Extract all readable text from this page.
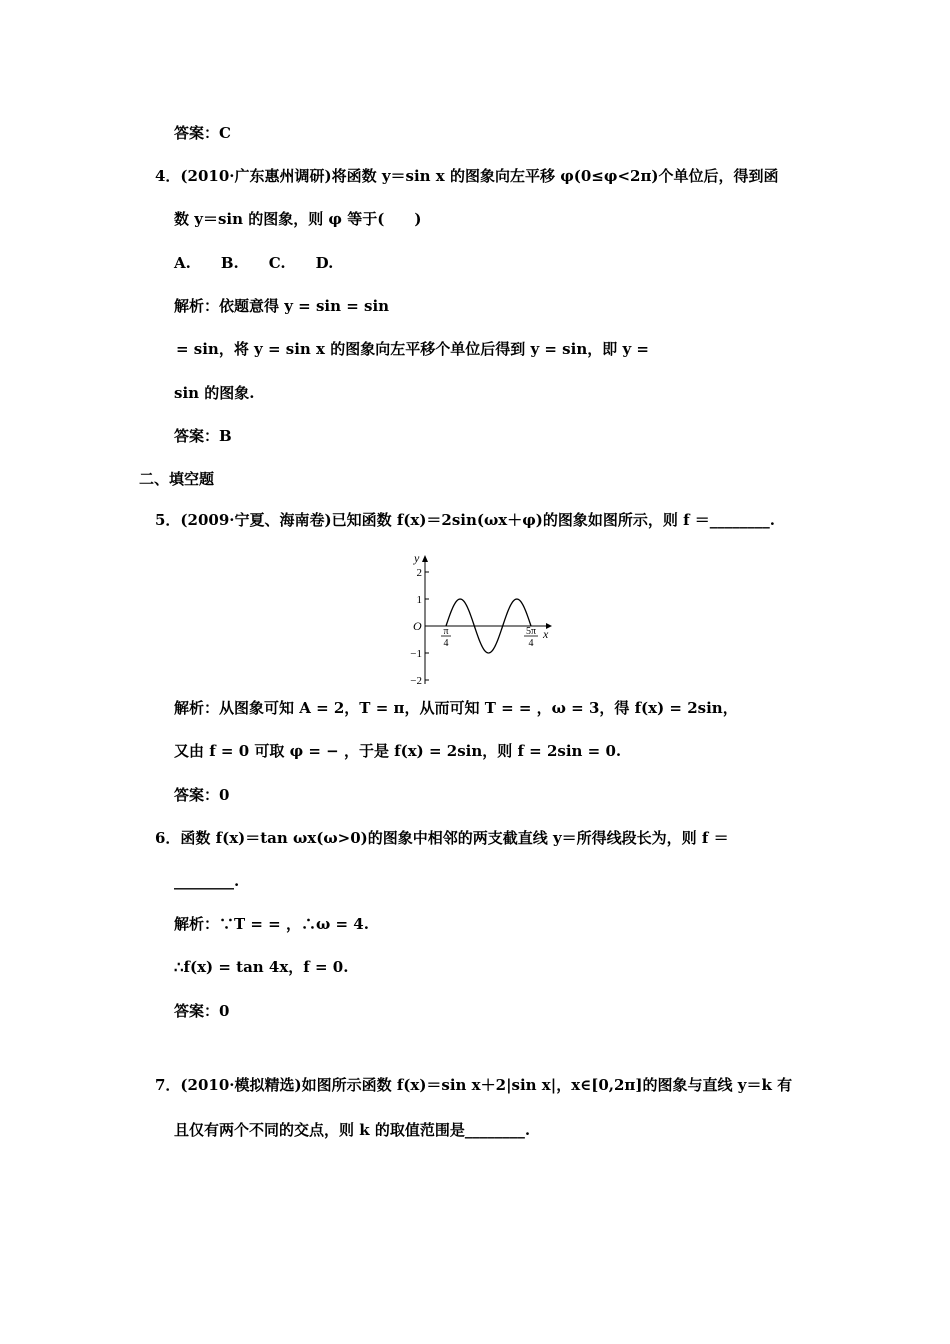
答案：C
4．(2010·广东惠州调研)将函数 y＝sin x 的图象向左平移 φ(0≤φ<2π)个单位后，得到函
数 y＝sin 的图象，则 φ 等于(　　)
A.　　B.　　C.　　D.
解析：依题意得 y = sin = sin
= sin，将 y = sin x 的图象向左平移个单位后得到 y = sin，即 y =
sin 的图象.
答案：B
二、填空题
5．(2009·宁夏、海南卷)已知函数 f(x)＝2sin(ωx＋φ)的图象如图所示，则 f ＝________.
y
x
O
2
1
−1
−2
π
4
5π
4
解析：从图象可知 A = 2，T = π，从而可知 T = = ，ω = 3，得 f(x) = 2sin，
又由 f = 0 可取 φ = − ，于是 f(x) = 2sin，则 f = 2sin = 0.
答案：0
6．函数 f(x)＝tan ωx(ω>0)的图象中相邻的两支截直线 y＝所得线段长为，则 f ＝
________.
解析：∵T = = ，∴ω = 4.
∴f(x) = tan 4x，f = 0.
答案：0
7．(2010·模拟精选)如图所示函数 f(x)＝sin x＋2|sin x|，x∈[0,2π]的图象与直线 y＝k 有
且仅有两个不同的交点，则 k 的取值范围是________.
